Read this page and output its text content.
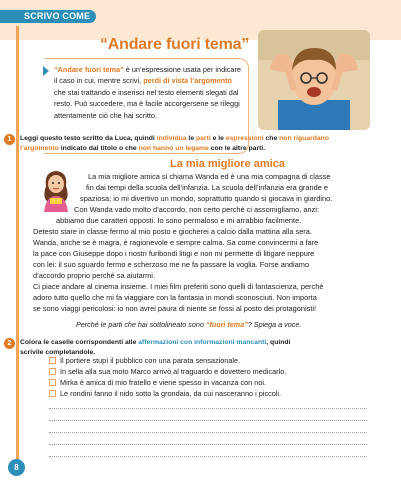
SCRIVO COME
“Andare fuori tema”
“Andare fuori tema” è un’espressione usata per indicare
il caso in cui, mentre scrivi, perdi di vista l’argomento
che stai trattando e inserisci nel testo elementi slegati dal
resto. Può succedere, ma è facile accorgersene se rileggi
attentamente ciò che hai scritto.
1	Leggi questo testo scritto da Luca, quindi individua le parti e le espressioni che non riguardano
l’argomento indicato dal titolo o che non hanno un legame con le altre parti.
La mia migliore amica
La mia migliore amica si chiama Wanda ed è una mia compagna di classe
fin dai tempi della scuola dell’infanzia. La scuola dell’infanzia era grande e
spaziosa; io mi divertivo un mondo, soprattutto quando si giocava in giardino.
Con Wanda vado molto d’accordo, non certo perché ci assomigliamo, anzi:
abbiamo due caratteri opposti. Io sono permaloso e mi arrabbio facilmente.
Detesto stare in classe fermo al mio posto e giocherei a calcio dalla mattina alla sera.
Wanda, anche se è magra, è ragionevole e sempre calma. Sa come convincermi a fare
la pace con Giuseppe dopo i nostri furibondi litigi e non mi permette di litigare neppure
con lei: il suo sguardo fermo e scherzoso me ne fa passare la voglia. Forse andiamo
d’accordo proprio perché sa aiutarmi.
Ci piace andare al cinema insieme. I miei film preferiti sono quelli di fantascienza, perché
adoro tutto quello che mi fa viaggiare con la fantasia in mondi sconosciuti. Non importa
se sono viaggi pericolosi: io non avrei paura di niente se fossi al posto dei protagonisti!
Perché le parti che hai sottolineato sono “fuori tema”? Spiega a voce.
2	Colora le caselle corrispondenti alle affermazioni con informazioni mancanti, quindi
scrivile completandole.
Il portiere stupì il pubblico con una parata sensazionale.
In sella alla sua moto Marco arrivò al traguardo e dovettero medicarlo.
Mirka è amica di mio fratello e viene spesso in vacanza con noi.
Le rondini fanno il nido sotto la grondaia, da cui nasceranno i piccoli.
8
